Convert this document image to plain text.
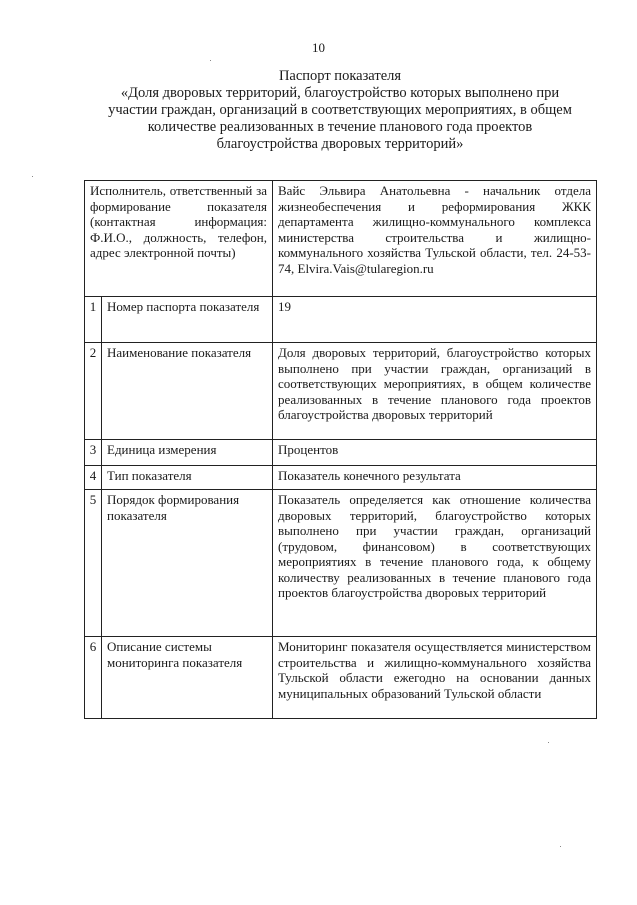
10
Паспорт показателя
«Доля дворовых территорий, благоустройство которых выполнено при
участии граждан, организаций в соответствующих мероприятиях, в общем
количестве реализованных в течение планового года проектов
благоустройства дворовых территорий»
Исполнитель, ответственный за формирование показателя (контактная информация: Ф.И.О., должность, телефон, адрес электронной почты)		Вайс Эльвира Анатольевна - начальник отдела жизнеобеспечения и реформирования ЖКК департамента жилищно-коммунального комплекса министерства строительства и жилищно-коммунального хозяйства Тульской области, тел. 24-53-74, Elvira.Vais@tularegion.ru
1	Номер паспорта показателя	19
2	Наименование показателя	Доля дворовых территорий, благоустройство которых выполнено при участии граждан, организаций в соответствующих мероприятиях, в общем количестве реализованных в течение планового года проектов благоустройства дворовых территорий
3	Единица измерения	Процентов
4	Тип показателя	Показатель конечного результата
5	Порядок формирования показателя	Показатель определяется как отношение количества дворовых территорий, благоустройство которых выполнено при участии граждан, организаций (трудовом, финансовом) в соответствующих мероприятиях в течение планового года, к общему количеству реализованных в течение планового года проектов благоустройства дворовых территорий
6	Описание системы мониторинга показателя	Мониторинг показателя осуществляется министерством строительства и жилищно-коммунального хозяйства Тульской области ежегодно на основании данных муниципальных образований Тульской области
